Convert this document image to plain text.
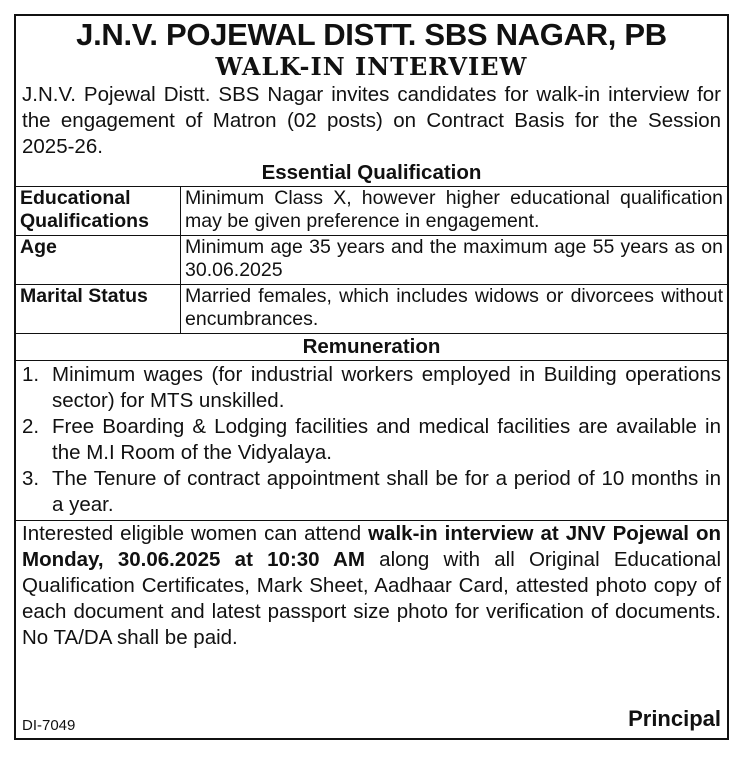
J.N.V. POJEWAL DISTT. SBS NAGAR, PB
WALK-IN INTERVIEW
J.N.V. Pojewal Distt. SBS Nagar invites candidates for walk-in interview for the engagement of Matron (02 posts) on Contract Basis for the Session 2025-26.
Essential Qualification
Educational Qualifications	Minimum Class X, however higher educational qualification may be given preference in engagement.
Age	Minimum age 35 years and the maximum age 55 years as on 30.06.2025
Marital Status	Married females, which includes widows or divorcees without encumbrances.
Remuneration
1. Minimum wages (for industrial workers employed in Building operations sector) for MTS unskilled.
2. Free Boarding & Lodging facilities and medical facilities are available in the M.I Room of the Vidyalaya.
3. The Tenure of contract appointment shall be for a period of 10 months in a year.
Interested eligible women can attend walk-in interview at JNV Pojewal on Monday, 30.06.2025 at 10:30 AM along with all Original Educational Qualification Certificates, Mark Sheet, Aadhaar Card, attested photo copy of each document and latest passport size photo for verification of documents. No TA/DA shall be paid.
DI-7049	Principal
